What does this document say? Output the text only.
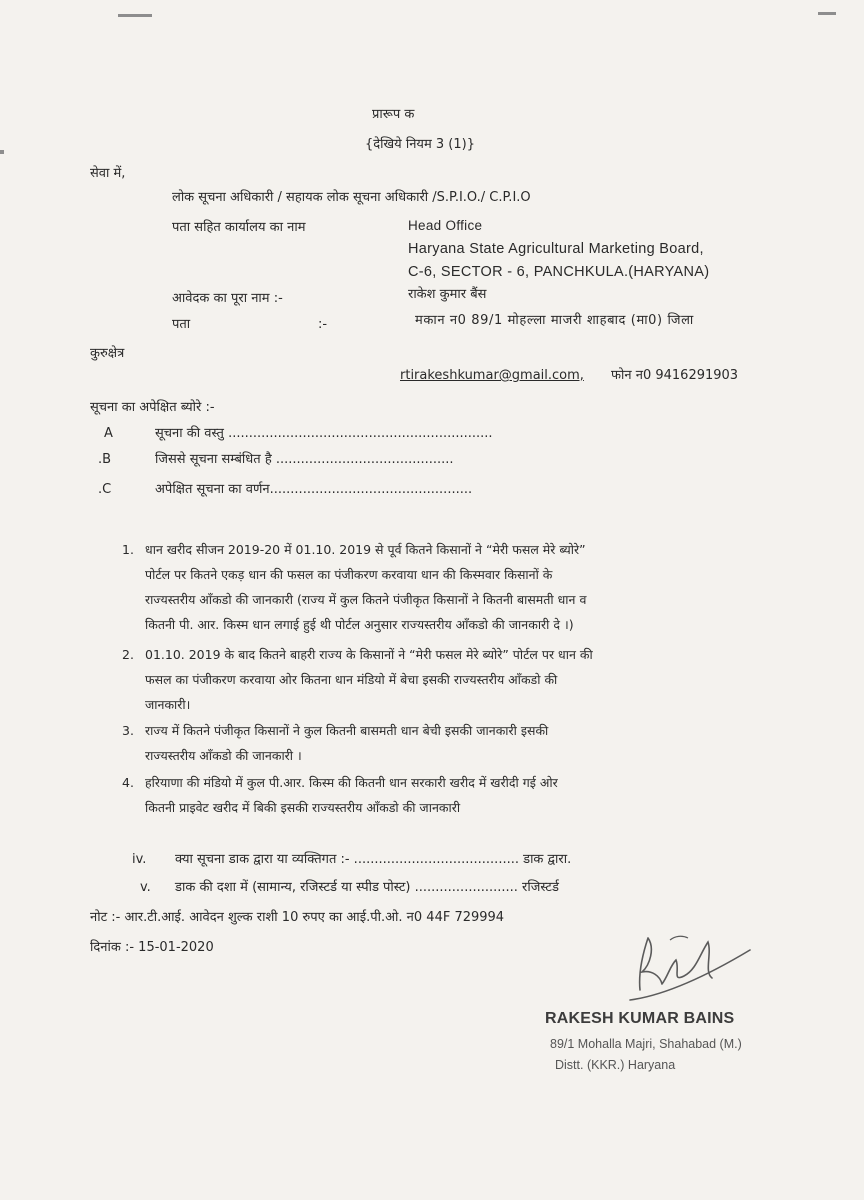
प्रारूप क
{देखिये नियम 3 (1)}
सेवा में,
लोक सूचना अधिकारी / सहायक लोक सूचना अधिकारी /S.P.I.O./ C.P.I.O
पता सहित कार्यालय का नाम	Head Office
Haryana State Agricultural Marketing Board,
C-6, SECTOR - 6, PANCHKULA.(HARYANA)
आवेदक का पूरा नाम :-	राकेश कुमार बैंस
पता	:-	मकान न0 89/1 मोहल्ला माजरी शाहबाद (मा0) जिला
कुरुक्षेत्र
rtirakeshkumar@gmail.com, फोन न0 9416291903
सूचना का अपेक्षित ब्योरे :-
A	सूचना की वस्तु ................................................................
.B	जिससे सूचना सम्बंधित है ...........................................
.C	अपेक्षित सूचना का वर्णन.................................................
1. धान खरीद सीजन 2019-20 में 01.10. 2019 से पूर्व कितने किसानों ने “मेरी फसल मेरे ब्योरे”
पोर्टल पर कितने एकड़ धान की फसल का पंजीकरण करवाया धान की किस्मवार किसानों के
राज्यस्तरीय आँकडो की जानकारी (राज्य में कुल कितने पंजीकृत किसानों ने कितनी बासमती धान व
कितनी पी. आर. किस्म धान लगाई हुई थी पोर्टल अनुसार राज्यस्तरीय आँकडो की जानकारी दे ।)
2. 01.10. 2019 के बाद कितने बाहरी राज्य के किसानों ने “मेरी फसल मेरे ब्योरे” पोर्टल पर धान की
फसल का पंजीकरण करवाया ओर कितना धान मंडियो में बेचा इसकी राज्यस्तरीय आँकडो की
जानकारी।
3. राज्य में कितने पंजीकृत किसानों ने कुल कितनी बासमती धान बेची इसकी जानकारी इसकी
राज्यस्तरीय आँकडो की जानकारी ।
4. हरियाणा की मंडियो में कुल पी.आर. किस्म की कितनी धान सरकारी खरीद में खरीदी गई ओर
कितनी प्राइवेट खरीद में बिकी इसकी राज्यस्तरीय आँकडो की जानकारी
iv. क्या सूचना डाक द्वारा या व्यक्तिगत :- ........................................ डाक द्वारा.
v. डाक की दशा में (सामान्य, रजिस्टर्ड या स्पीड पोस्ट) ......................... रजिस्टर्ड
नोट :- आर.टी.आई. आवेदन शुल्क राशी 10 रुपए का आई.पी.ओ. न0 44F 729994
दिनांक :- 15-01-2020
RAKESH KUMAR BAINS
89/1 Mohalla Majri, Shahabad (M.)
Distt. (KKR.) Haryana
